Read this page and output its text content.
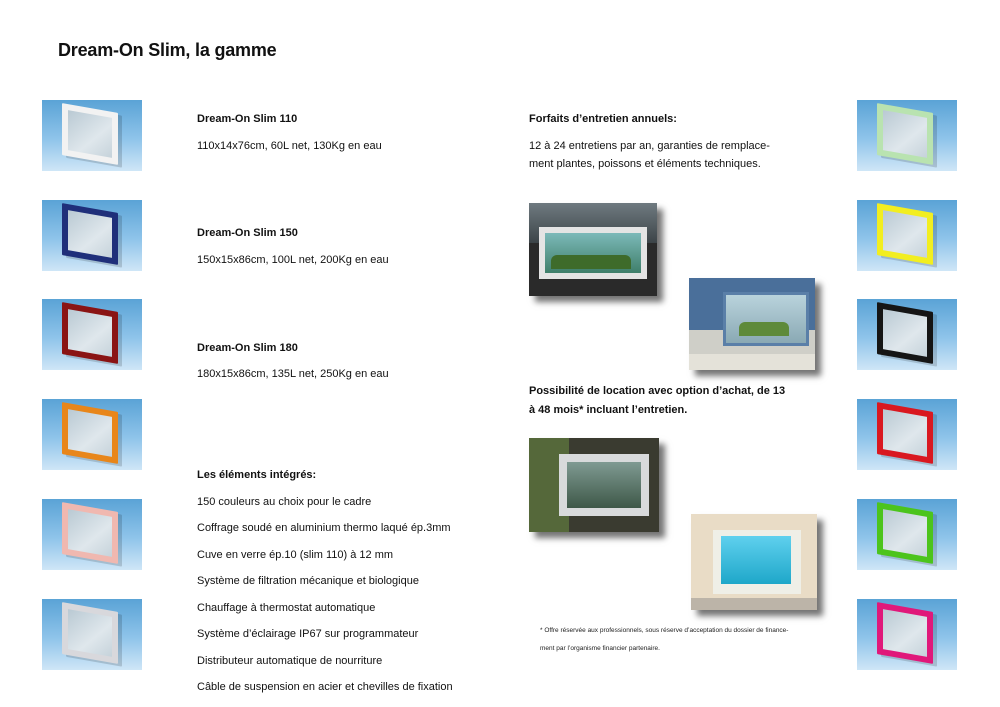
Dream-On Slim, la gamme
Dream-On Slim 110
110x14x76cm, 60L net, 130Kg en eau
Dream-On Slim 150
150x15x86cm, 100L net, 200Kg en eau
Dream-On Slim 180
180x15x86cm, 135L net, 250Kg en eau
Les éléments intégrés:
150 couleurs au choix pour le cadre
Coffrage soudé en aluminium thermo laqué ép.3mm
Cuve en verre ép.10 (slim 110) à 12 mm
Système de filtration mécanique et biologique
Chauffage à thermostat automatique
Système d’éclairage IP67 sur programmateur
Distributeur automatique de nourriture
Câble de suspension en acier et chevilles de fixation
Forfaits d’entretien annuels:
12 à 24 entretiens par an, garanties de remplace-
ment plantes, poissons et éléments techniques.
Possibilité de location avec option d’achat, de 13
à 48 mois* incluant l’entretien.
* Offre réservée aux professionnels, sous réserve d’acceptation du dossier de finance-
ment par l’organisme financier partenaire.
